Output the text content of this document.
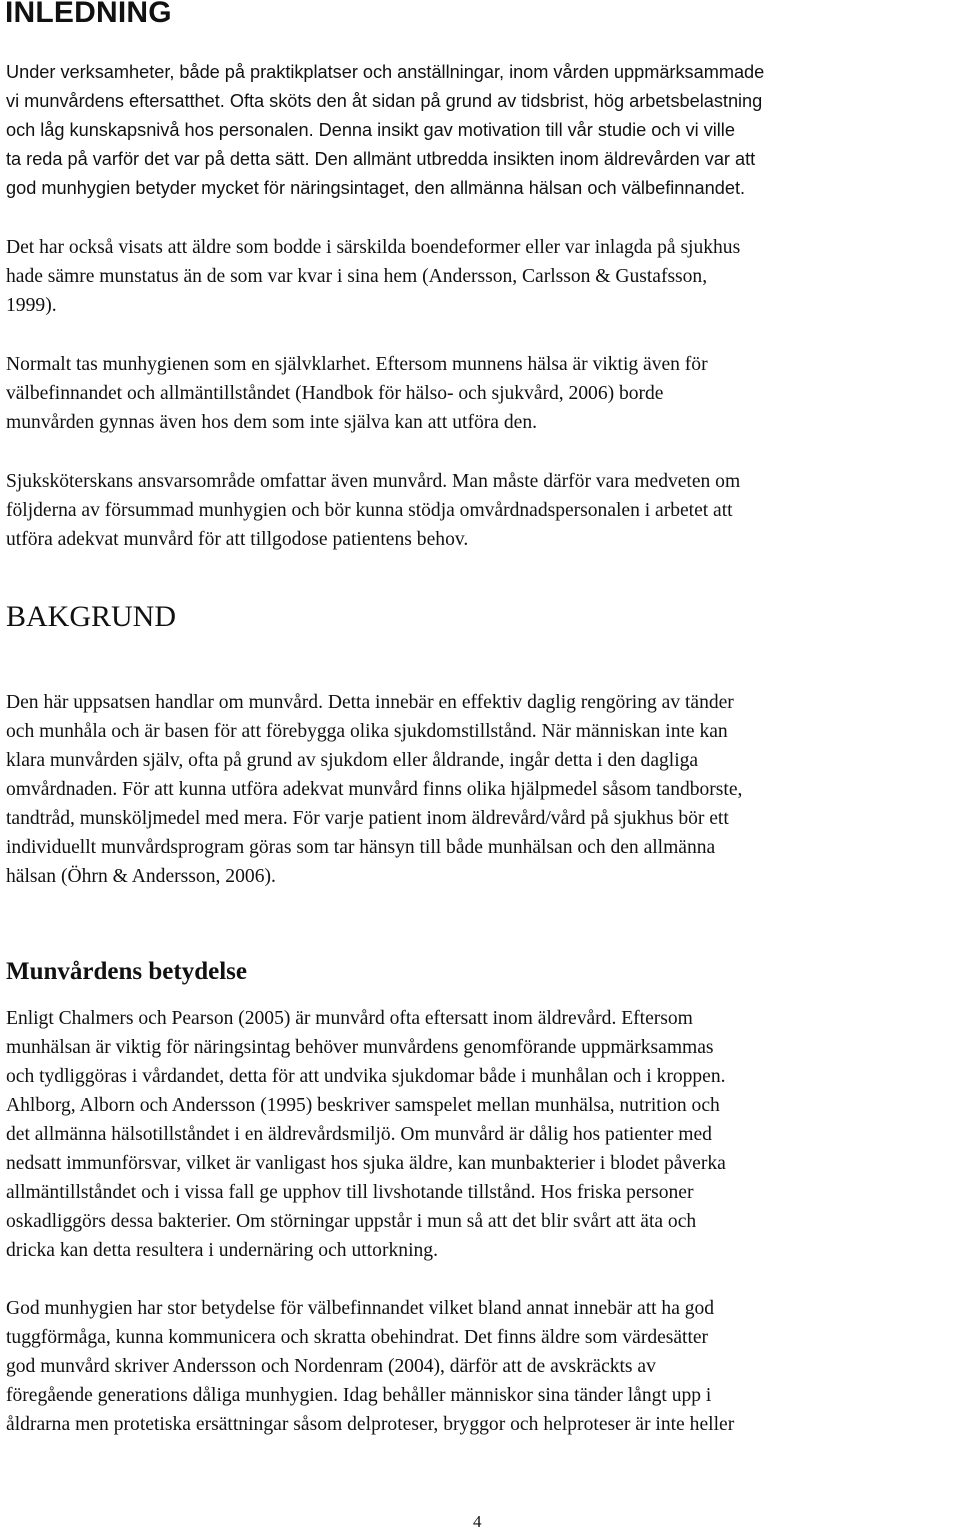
INLEDNING
Under verksamheter, både på praktikplatser och anställningar, inom vården uppmärksammade
vi munvårdens eftersatthet. Ofta sköts den åt sidan på grund av tidsbrist, hög arbetsbelastning
och låg kunskapsnivå hos personalen. Denna insikt gav motivation till vår studie och vi ville
ta reda på varför det var på detta sätt. Den allmänt utbredda insikten inom äldrevården var att
god munhygien betyder mycket för näringsintaget, den allmänna hälsan och välbefinnandet.
Det har också visats att äldre som bodde i särskilda boendeformer eller var inlagda på sjukhus
hade sämre munstatus än de som var kvar i sina hem (Andersson, Carlsson & Gustafsson,
1999).
Normalt tas munhygienen som en självklarhet. Eftersom munnens hälsa är viktig även för
välbefinnandet och allmäntillståndet (Handbok för hälso- och sjukvård, 2006) borde
munvården gynnas även hos dem som inte själva kan att utföra den.
Sjuksköterskans ansvarsområde omfattar även munvård. Man måste därför vara medveten om
följderna av försummad munhygien och bör kunna stödja omvårdnadspersonalen i arbetet att
utföra adekvat munvård för att tillgodose patientens behov.
BAKGRUND
Den här uppsatsen handlar om munvård. Detta innebär en effektiv daglig rengöring av tänder
och munhåla och är basen för att förebygga olika sjukdomstillstånd. När människan inte kan
klara munvården själv, ofta på grund av sjukdom eller åldrande, ingår detta i den dagliga
omvårdnaden. För att kunna utföra adekvat munvård finns olika hjälpmedel såsom tandborste,
tandtråd, munsköljmedel med mera. För varje patient inom äldrevård/vård på sjukhus bör ett
individuellt munvårdsprogram göras som tar hänsyn till både munhälsan och den allmänna
hälsan (Öhrn & Andersson, 2006).
Munvårdens betydelse
Enligt Chalmers och Pearson (2005) är munvård ofta eftersatt inom äldrevård. Eftersom
munhälsan är viktig för näringsintag behöver munvårdens genomförande uppmärksammas
och tydliggöras i vårdandet, detta för att undvika sjukdomar både i munhålan och i kroppen.
Ahlborg, Alborn och Andersson (1995) beskriver samspelet mellan munhälsa, nutrition och
det allmänna hälsotillståndet i en äldrevårdsmiljö. Om munvård är dålig hos patienter med
nedsatt immunförsvar, vilket är vanligast hos sjuka äldre, kan munbakterier i blodet påverka
allmäntillståndet och i vissa fall ge upphov till livshotande tillstånd. Hos friska personer
oskadliggörs dessa bakterier. Om störningar uppstår i mun så att det blir svårt att äta och
dricka kan detta resultera i undernäring och uttorkning.
God munhygien har stor betydelse för välbefinnandet vilket bland annat innebär att ha god
tuggförmåga, kunna kommunicera och skratta obehindrat. Det finns äldre som värdesätter
god munvård skriver Andersson och Nordenram (2004), därför att de avskräckts av
föregående generations dåliga munhygien. Idag behåller människor sina tänder långt upp i
åldrarna men protetiska ersättningar såsom delproteser, bryggor och helproteser är inte heller
4
